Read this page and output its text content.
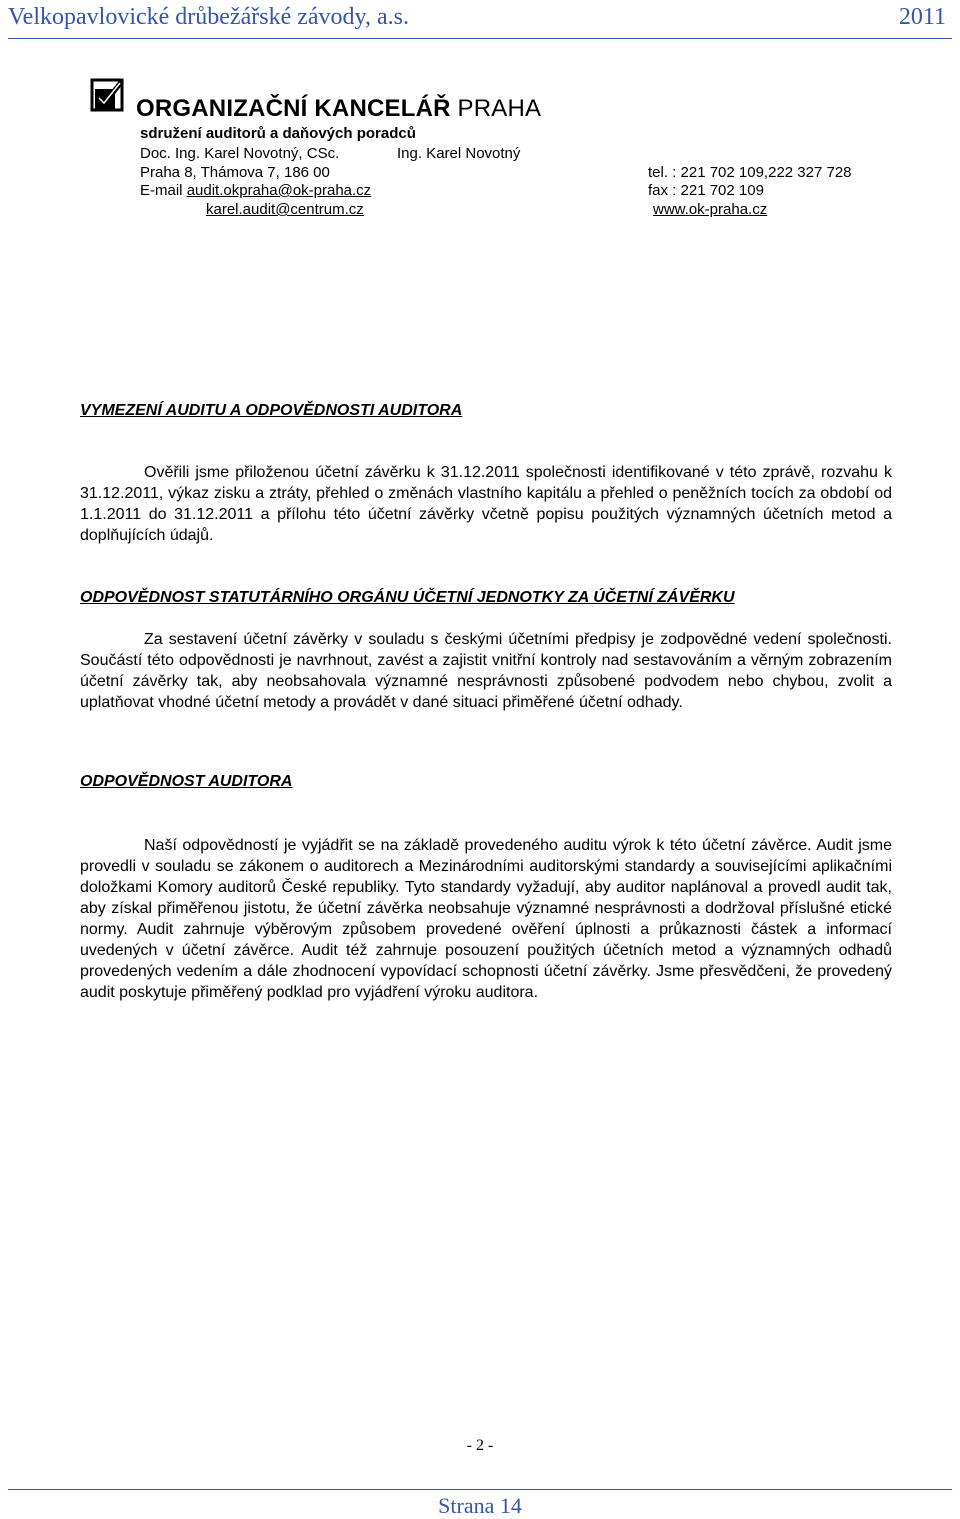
Velkopavlovické drůbežářské závody, a.s.	2011
ORGANIZAČNÍ KANCELÁŘ PRAHA
sdružení auditorů a daňových poradců
Doc. Ing. Karel Novotný, CSc.	Ing. Karel Novotný
Praha 8, Thámova 7, 186 00
E-mail audit.okpraha@ok-praha.cz
karel.audit@centrum.cz
tel. : 221 702 109,222 327 728
fax : 221 702 109
www.ok-praha.cz
VYMEZENÍ AUDITU A ODPOVĚDNOSTI AUDITORA

Ověřili jsme přiloženou účetní závěrku k 31.12.2011 společnosti identifikované v této zprávě, rozvahu k 31.12.2011, výkaz zisku a ztráty, přehled o změnách vlastního kapitálu a přehled o peněžních tocích za období od 1.1.2011 do 31.12.2011 a přílohu této účetní závěrky včetně popisu použitých významných účetních metod a doplňujících údajů.

ODPOVĚDNOST STATUTÁRNÍHO ORGÁNU ÚČETNÍ JEDNOTKY ZA ÚČETNÍ ZÁVĚRKU

Za sestavení účetní závěrky v souladu s českými účetními předpisy je zodpovědné vedení společnosti. Součástí této odpovědnosti je navrhnout, zavést a zajistit vnitřní kontroly nad sestavováním a věrným zobrazením účetní závěrky tak, aby neobsahovala významné nesprávnosti způsobené podvodem nebo chybou, zvolit a uplatňovat vhodné účetní metody a provádět v dané situaci přiměřené účetní odhady.

ODPOVĚDNOST AUDITORA

Naší odpovědností je vyjádřit se na základě provedeného auditu výrok k této účetní závěrce. Audit jsme provedli v souladu se zákonem o auditorech a Mezinárodními auditorskými standardy a souvisejícími aplikačními doložkami Komory auditorů České republiky. Tyto standardy vyžadují, aby auditor naplánoval a provedl audit tak, aby získal přiměřenou jistotu, že účetní závěrka neobsahuje významné nesprávnosti a dodržoval příslušné etické normy. Audit zahrnuje výběrovým způsobem provedené ověření úplnosti a průkaznosti částek a informací uvedených v účetní závěrce. Audit též zahrnuje posouzení použitých účetních metod a významných odhadů provedených vedením a dále zhodnocení vypovídací schopnosti účetní závěrky. Jsme přesvědčeni, že provedený audit poskytuje přiměřený podklad pro vyjádření výroku auditora.

- 2 -
Strana 14
